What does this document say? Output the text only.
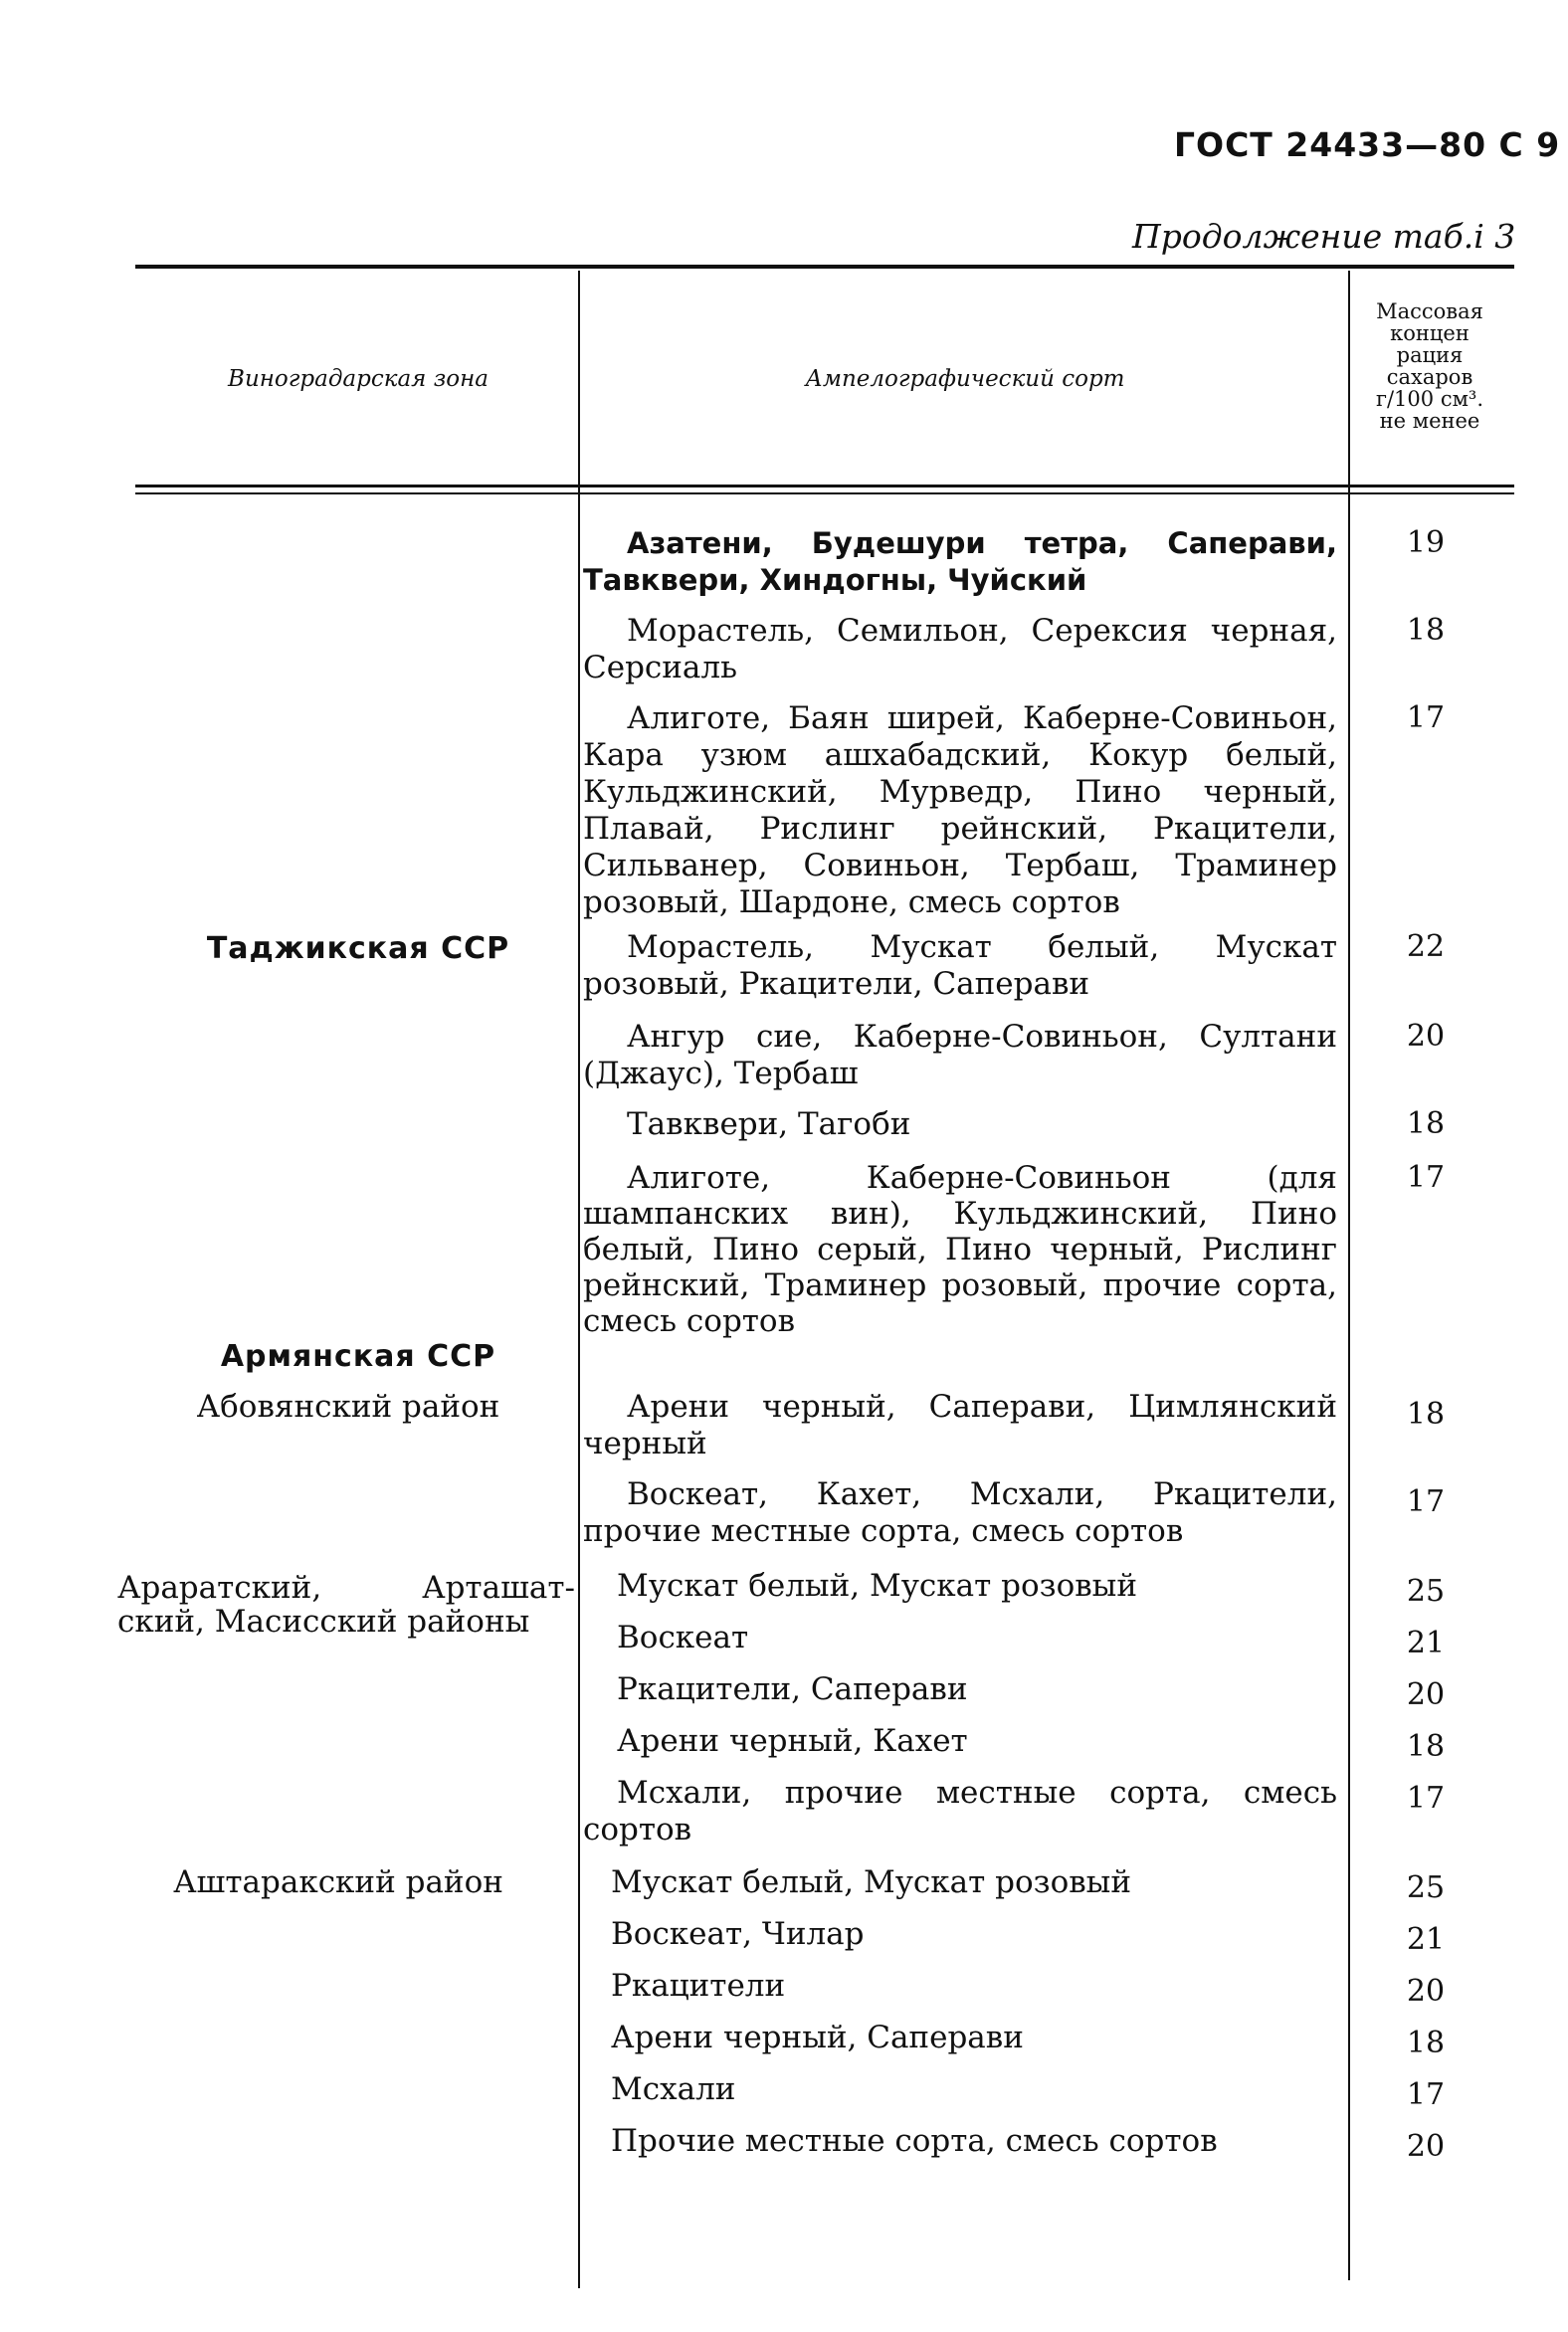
ГОСТ 24433—80 С 9
Продолжение таб.і 3
Виноградарская зона	Ампелографический сорт
Массовая
концен
рация
сахаров
г/100 см³.
не менее
Таджикская ССР
Армянская ССР
Абовянский район
Араратский, Арташат-
ский, Масисский районы
Аштаракский район

Азатени, Будешури тетра, Саперави, Тавквери, Хиндогны, Чуйский

Морастель, Семильон, Серексия черная, Серсиаль

Алиготе, Баян ширей, Каберне-Совиньон, Кара узюм ашхабадский, Кокур белый, Кульджинский, Мурведр, Пино черный, Плавай, Рислинг рейнский, Ркацители, Сильванер, Совиньон, Тербаш, Траминер розовый, Шардоне, смесь сортов

Морастель, Мускат белый, Мускат розовый, Ркацители, Саперави

Ангур сие, Каберне-Совиньон, Султани (Джаус), Тербаш

Тавквери, Тагоби

Алиготе, Каберне-Совиньон (для шампанских вин), Кульджинский, Пино белый, Пино серый, Пино черный, Рислинг рейнский, Траминер розовый, прочие сорта, смесь сортов

Арени черный, Саперави, Цимлянский черный

Воскеат, Кахет, Мсхали, Ркацители, прочие местные сорта, смесь сортов

Мускат белый, Мускат розовый

Воскеат

Ркацители, Саперави

Арени черный, Кахет

Мсхали, прочие местные сорта, смесь сортов

Мускат белый, Мускат розовый

Воскеат, Чилар

Ркацители

Арени черный, Саперави

Мсхали

Прочие местные сорта, смесь сортов

19
18
17
22
20
18
17
18
17
25
21
20
18
17
25
21
20
18
17
20
